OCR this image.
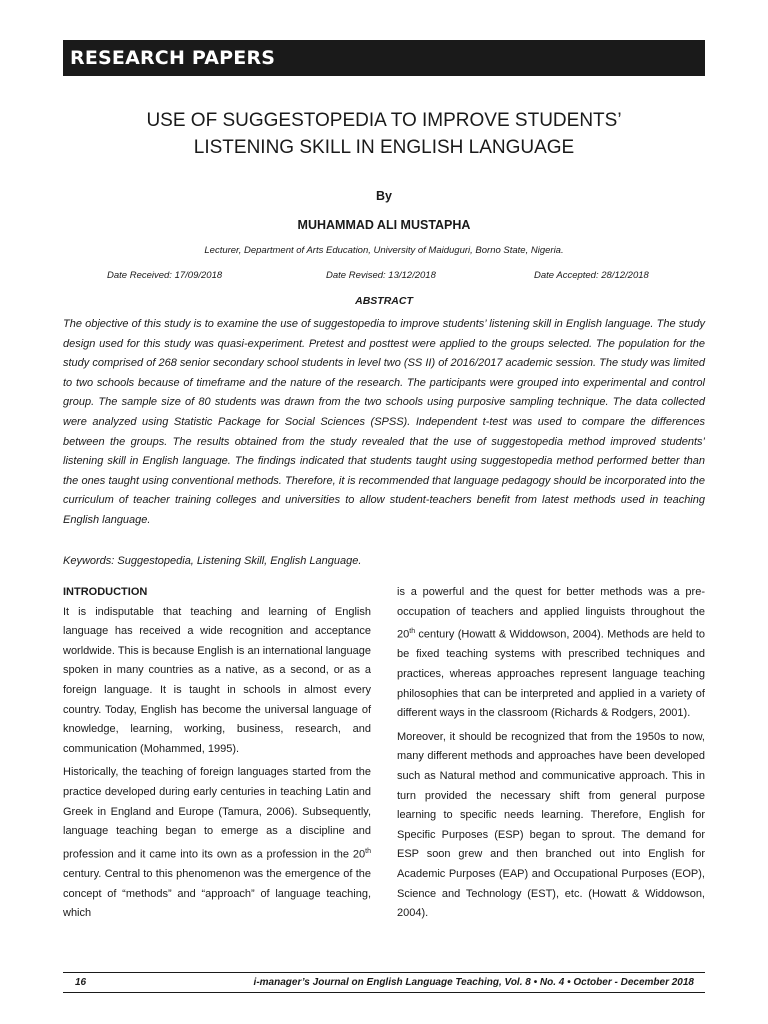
RESEARCH PAPERS
USE OF SUGGESTOPEDIA TO IMPROVE STUDENTS’
LISTENING SKILL IN ENGLISH LANGUAGE
By
MUHAMMAD ALI MUSTAPHA
Lecturer, Department of Arts Education, University of Maiduguri, Borno State, Nigeria.
Date Received: 17/09/2018	Date Revised: 13/12/2018	Date Accepted: 28/12/2018
ABSTRACT

The objective of this study is to examine the use of suggestopedia to improve students’ listening skill in English language. The study design used for this study was quasi-experiment. Pretest and posttest were applied to the groups selected. The population for the study comprised of 268 senior secondary school students in level two (SS II) of 2016/2017 academic session. The study was limited to two schools because of timeframe and the nature of the research. The participants were grouped into experimental and control group. The sample size of 80 students was drawn from the two schools using purposive sampling technique. The data collected were analyzed using Statistic Package for Social Sciences (SPSS). Independent t-test was used to compare the differences between the groups. The results obtained from the study revealed that the use of suggestopedia method improved students’ listening skill in English language. The findings indicated that students taught using suggestopedia method performed better than the ones taught using conventional methods. Therefore, it is recommended that language pedagogy should be incorporated into the curriculum of teacher training colleges and universities to allow student-teachers benefit from latest methods used in teaching English language.

Keywords: Suggestopedia, Listening Skill, English Language.

INTRODUCTION

It is indisputable that teaching and learning of English language has received a wide recognition and acceptance worldwide. This is because English is an international language spoken in many countries as a native, as a second, or as a foreign language. It is taught in schools in almost every country. Today, English has become the universal language of knowledge, learning, working, business, research, and communication (Mohammed, 1995).

Historically, the teaching of foreign languages started from the practice developed during early centuries in teaching Latin and Greek in England and Europe (Tamura, 2006). Subsequently, language teaching began to emerge as a discipline and profession and it came into its own as a profession in the 20th century. Central to this phenomenon was the emergence of the concept of “methods” and “approach” of language teaching, which

is a powerful and the quest for better methods was a pre-occupation of teachers and applied linguists throughout the 20th century (Howatt & Widdowson, 2004). Methods are held to be fixed teaching systems with prescribed techniques and practices, whereas approaches represent language teaching philosophies that can be interpreted and applied in a variety of different ways in the classroom (Richards & Rodgers, 2001).

Moreover, it should be recognized that from the 1950s to now, many different methods and approaches have been developed such as Natural method and communicative approach. This in turn provided the necessary shift from general purpose learning to specific needs learning. Therefore, English for Specific Purposes (ESP) began to sprout. The demand for ESP soon grew and then branched out into English for Academic Purposes (EAP) and Occupational Purposes (EOP), Science and Technology (EST), etc. (Howatt & Widdowson, 2004).

16	i-manager’s Journal on English Language Teaching, Vol. 8 • No. 4 • October - December 2018
